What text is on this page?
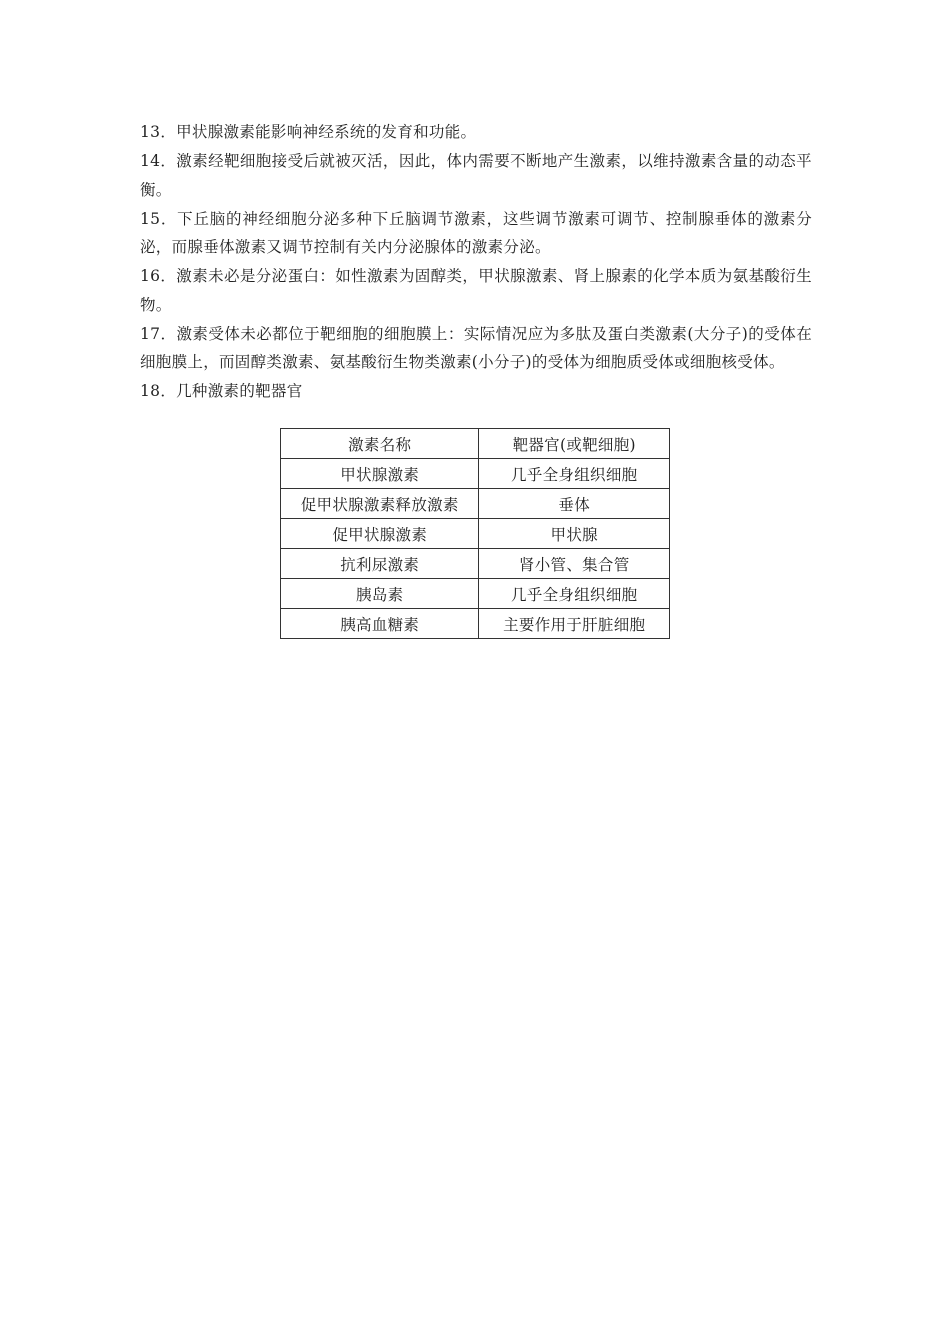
13．甲状腺激素能影响神经系统的发育和功能。

14．激素经靶细胞接受后就被灭活，因此，体内需要不断地产生激素，以维持激素含量的动态平衡。

15．下丘脑的神经细胞分泌多种下丘脑调节激素，这些调节激素可调节、控制腺垂体的激素分泌，而腺垂体激素又调节控制有关内分泌腺体的激素分泌。

16．激素未必是分泌蛋白：如性激素为固醇类，甲状腺激素、肾上腺素的化学本质为氨基酸衍生物。

17．激素受体未必都位于靶细胞的细胞膜上：实际情况应为多肽及蛋白类激素(大分子)的受体在细胞膜上，而固醇类激素、氨基酸衍生物类激素(小分子)的受体为细胞质受体或细胞核受体。

18．几种激素的靶器官

激素名称	靶器官(或靶细胞)
甲状腺激素	几乎全身组织细胞
促甲状腺激素释放激素	垂体
促甲状腺激素	甲状腺
抗利尿激素	肾小管、集合管
胰岛素	几乎全身组织细胞
胰高血糖素	主要作用于肝脏细胞
